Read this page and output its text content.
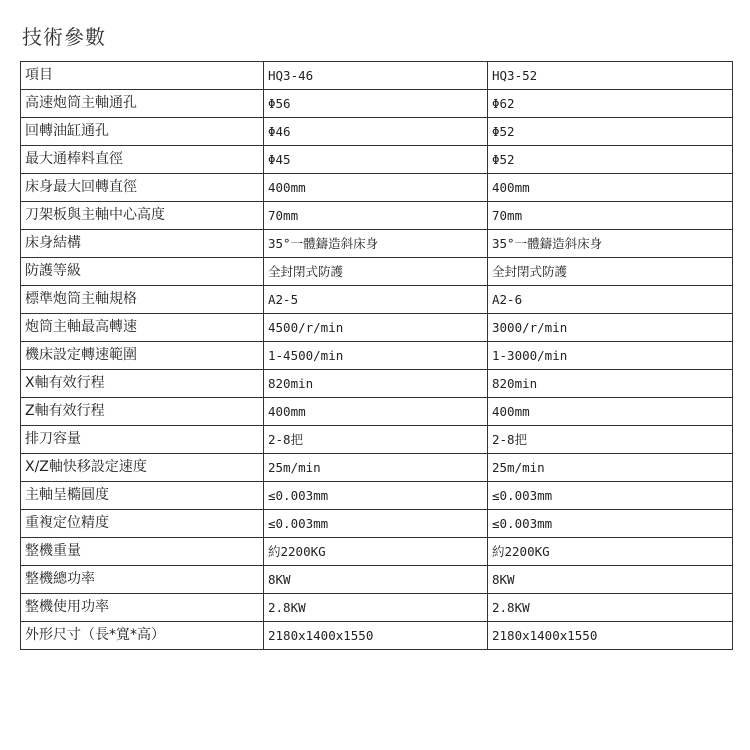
技術參數
項目	HQ3-46	HQ3-52
高速炮筒主軸通孔	Φ56	Φ62
回轉油缸通孔	Φ46	Φ52
最大通棒料直徑	Φ45	Φ52
床身最大回轉直徑	400mm	400mm
刀架板與主軸中心高度	70mm	70mm
床身結構	35°一體鑄造斜床身	35°一體鑄造斜床身
防護等級	全封閉式防護	全封閉式防護
標準炮筒主軸規格	A2-5	A2-6
炮筒主軸最高轉速	4500/r/min	3000/r/min
機床設定轉速範圍	1-4500/min	1-3000/min
X軸有效行程	820min	820min
Z軸有效行程	400mm	400mm
排刀容量	2-8把	2-8把
X/Z軸快移設定速度	25m/min	25m/min
主軸呈橢圓度	≤0.003mm	≤0.003mm
重複定位精度	≤0.003mm	≤0.003mm
整機重量	約2200KG	約2200KG
整機總功率	8KW	8KW
整機使用功率	2.8KW	2.8KW
外形尺寸（長*寬*高）	2180x1400x1550	2180x1400x1550
